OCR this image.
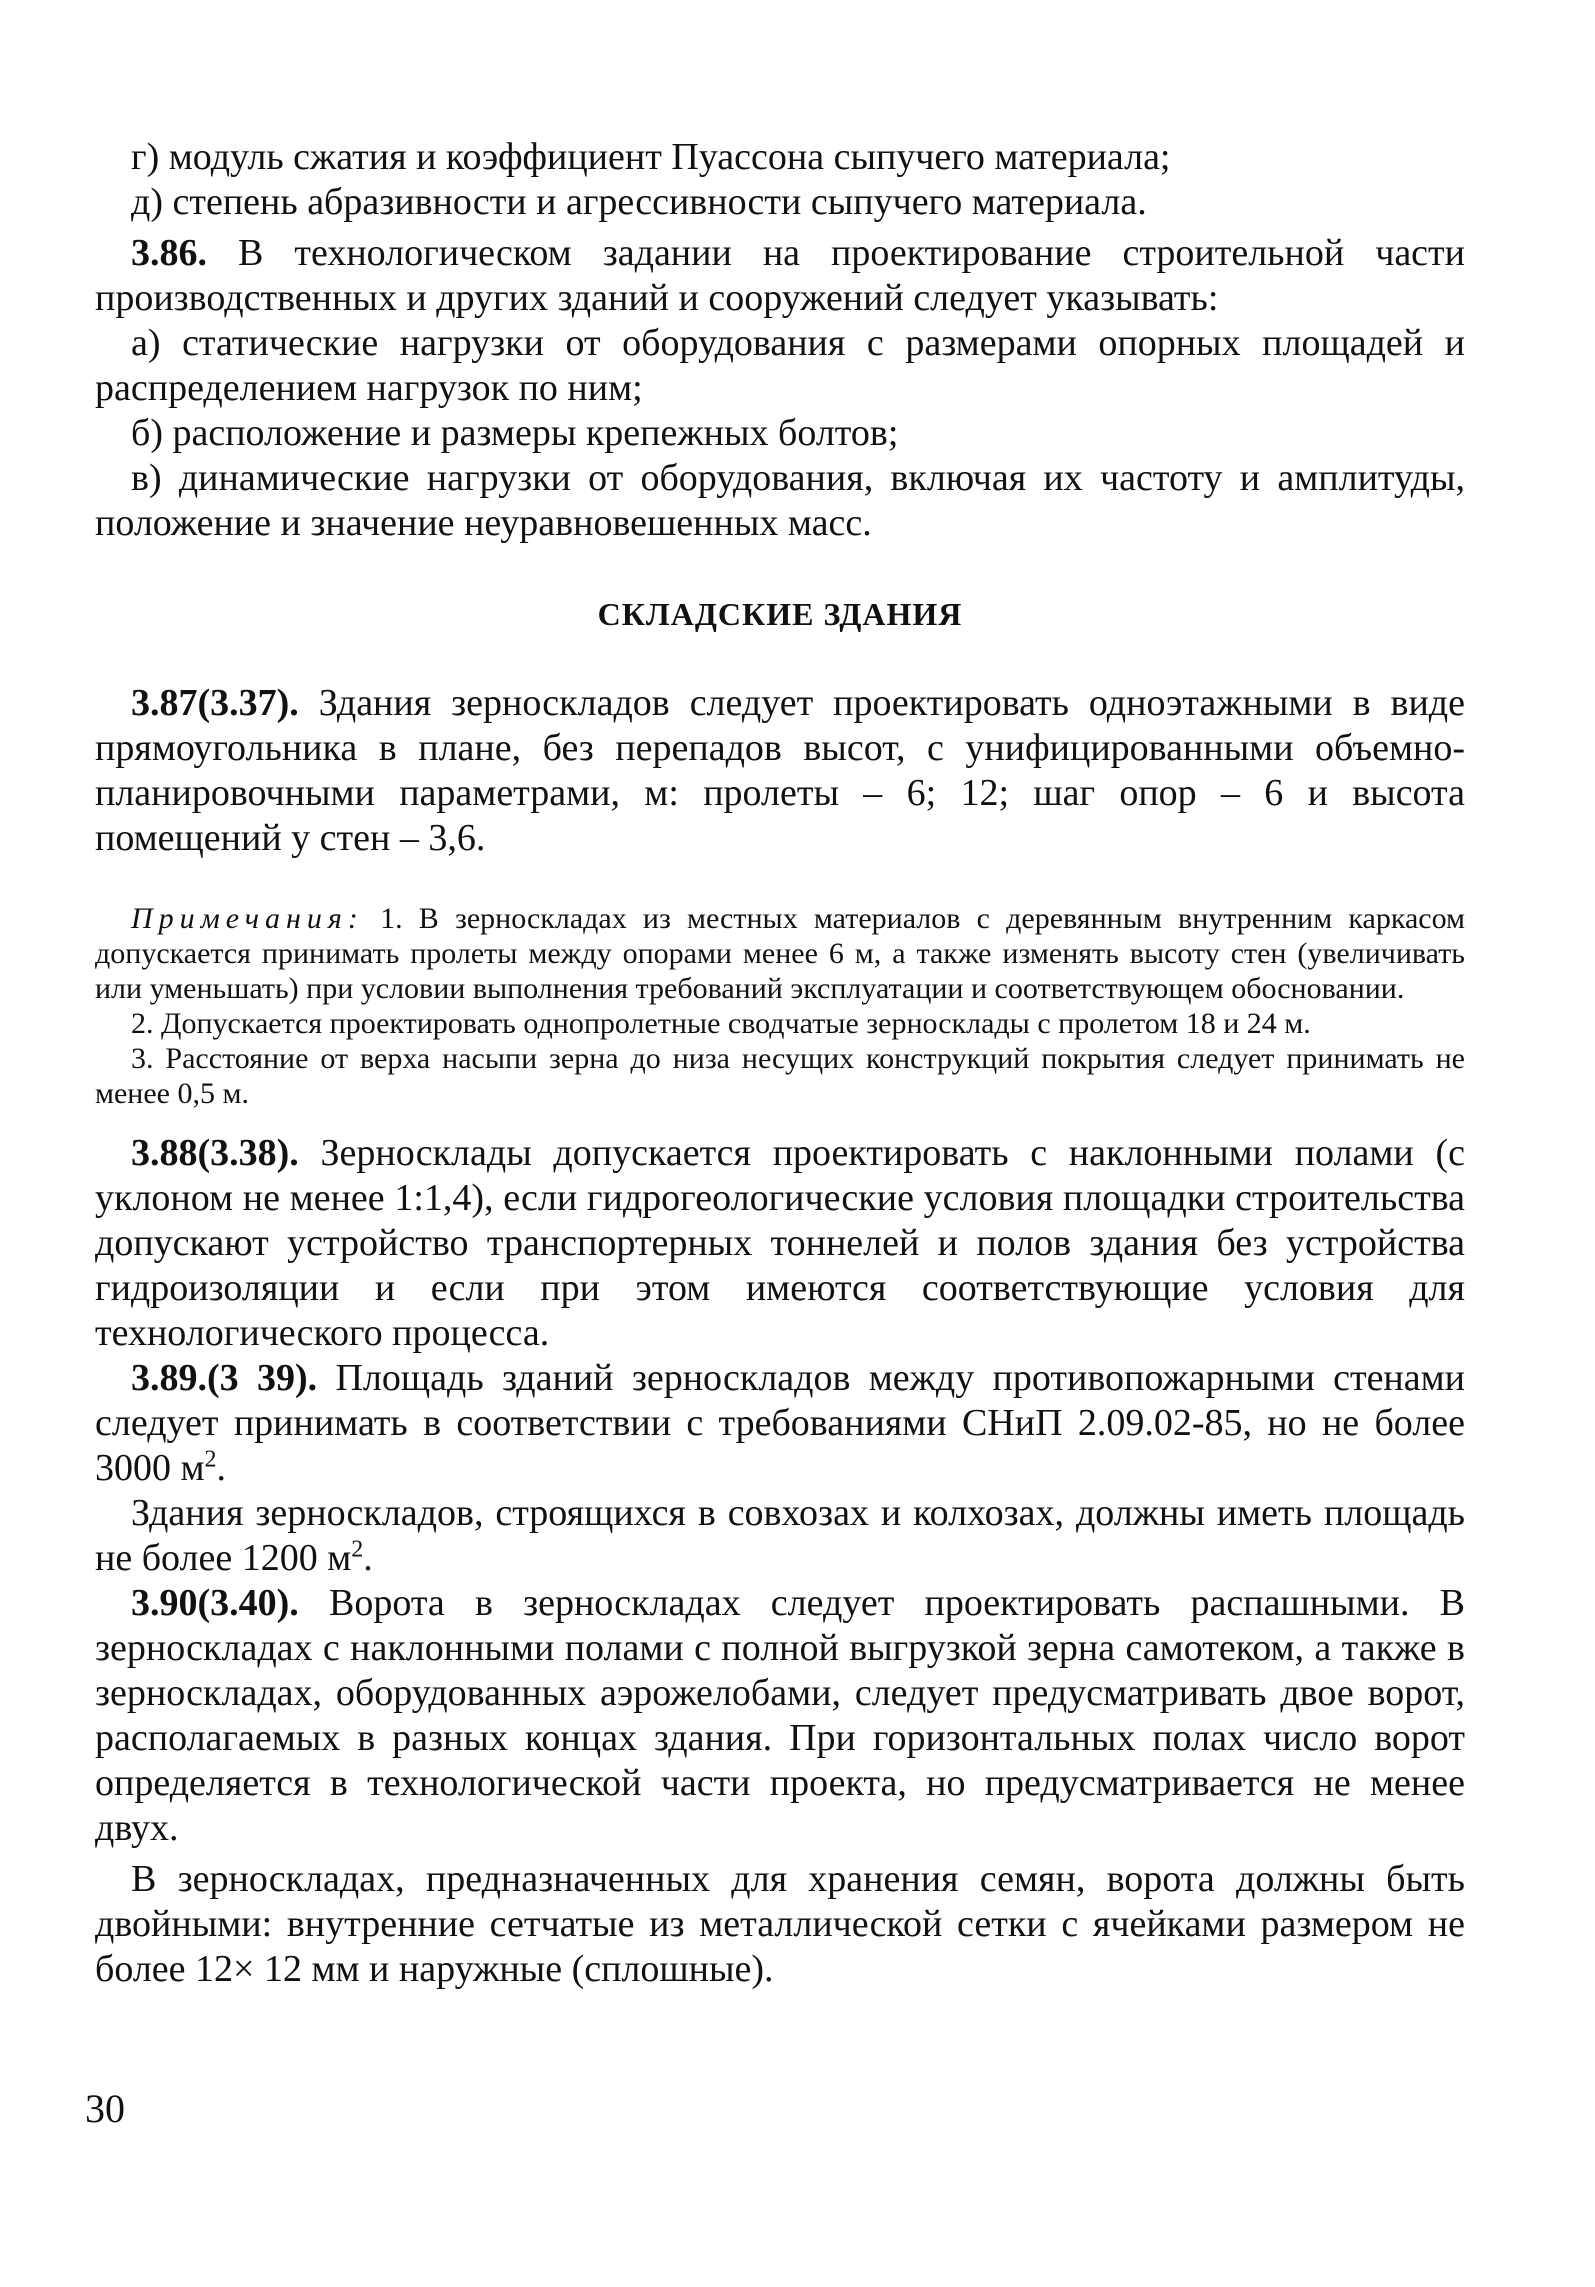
г) модуль сжатия и коэффициент Пуассона сыпучего материала;

д) степень абразивности и агрессивности сыпучего материала.

3.86. В технологическом задании на проектирование строительной части производственных и других зданий и сооружений следует указывать:

а) статические нагрузки от оборудования с размерами опорных площадей и распределением нагрузок по ним;

б) расположение и размеры крепежных болтов;

в) динамические нагрузки от оборудования, включая их частоту и амплитуды, положение и значение неуравновешенных масс.

СКЛАДСКИЕ ЗДАНИЯ

3.87(3.37). Здания зерноскладов следует проектировать одноэтажными в виде прямоугольника в плане, без перепадов высот, с унифицированными объемно-планировочными параметрами, м: пролеты – 6; 12; шаг опор – 6 и высота помещений у стен – 3,6.

Примечания: 1. В зерноскладах из местных материалов с деревянным внутренним каркасом допускается принимать пролеты между опорами менее 6 м, а также изменять высоту стен (увеличивать или уменьшать) при условии выполнения требований эксплуатации и соответствующем обосновании.

2. Допускается проектировать однопролетные сводчатые зерносклады с пролетом 18 и 24 м.

3. Расстояние от верха насыпи зерна до низа несущих конструкций покрытия следует принимать не менее 0,5 м.

3.88(3.38). Зерносклады допускается проектировать с наклонными полами (с уклоном не менее 1:1,4), если гидрогеологические условия площадки строительства допускают устройство транспортерных тоннелей и полов здания без устройства гидроизоляции и если при этом имеются соответствующие условия для технологического процесса.

3.89.(3 39). Площадь зданий зерноскладов между противопожарными стенами следует принимать в соответствии с требованиями СНиП 2.09.02-85, но не более 3000 $м^2$.

Здания зерноскладов, строящихся в совхозах и колхозах, должны иметь площадь не более 1200 $м^2$.

3.90(3.40). Ворота в зерноскладах следует проектировать распашными. В зерноскладах с наклонными полами с полной выгрузкой зерна самотеком, а также в зерноскладах, оборудованных аэрожелобами, следует предусматривать двое ворот, располагаемых в разных концах здания. При горизонтальных полах число ворот определяется в технологической части проекта, но предусматривается не менее двух.

В зерноскладах, предназначенных для хранения семян, ворота должны быть двойными: внутренние сетчатые из металлической сетки с ячейками размером не более 12× 12 мм и наружные (сплошные).

30
